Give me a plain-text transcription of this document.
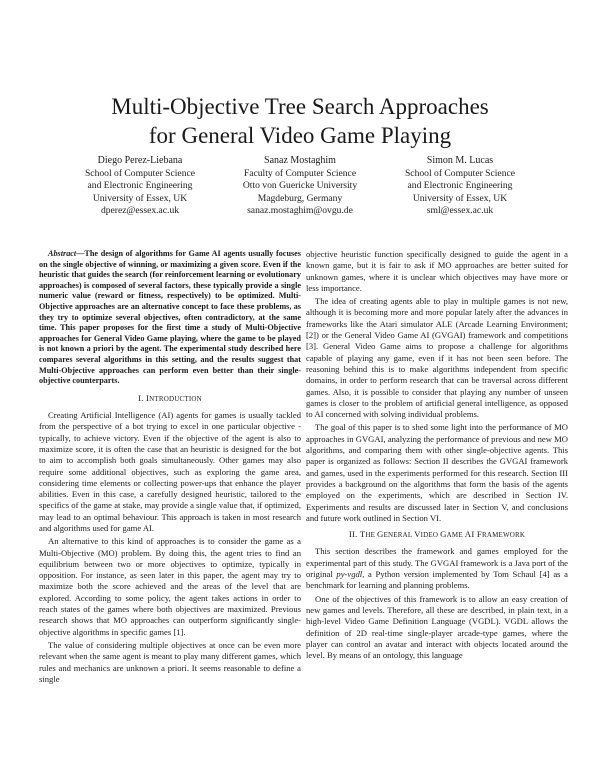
Multi-Objective Tree Search Approaches
for General Video Game Playing
Diego Perez-Liebana
School of Computer Science
and Electronic Engineering
University of Essex, UK
dperez@essex.ac.uk
Sanaz Mostaghim
Faculty of Computer Science
Otto von Guericke University
Magdeburg, Germany
sanaz.mostaghim@ovgu.de
Simon M. Lucas
School of Computer Science
and Electronic Engineering
University of Essex, UK
sml@essex.ac.uk

Abstract—The design of algorithms for Game AI agents usually focuses on the single objective of winning, or maximizing a given score. Even if the heuristic that guides the search (for reinforcement learning or evolutionary approaches) is composed of several factors, these typically provide a single numeric value (reward or fitness, respectively) to be optimized. Multi-Objective approaches are an alternative concept to face these problems, as they try to optimize several objectives, often contradictory, at the same time. This paper proposes for the first time a study of Multi-Objective approaches for General Video Game playing, where the game to be played is not known a priori by the agent. The experimental study described here compares several algorithms in this setting, and the results suggest that Multi-Objective approaches can perform even better than their single-objective counterparts.

I. INTRODUCTION

Creating Artificial Intelligence (AI) agents for games is usually tackled from the perspective of a bot trying to excel in one particular objective - typically, to achieve victory. Even if the objective of the agent is also to maximize score, it is often the case that an heuristic is designed for the bot to aim to accomplish both goals simultaneously. Other games may also require some additional objectives, such as exploring the game area, considering time elements or collecting power-ups that enhance the player abilities. Even in this case, a carefully designed heuristic, tailored to the specifics of the game at stake, may provide a single value that, if optimized, may lead to an optimal behaviour. This approach is taken in most research and algorithms used for game AI.

An alternative to this kind of approaches is to consider the game as a Multi-Objective (MO) problem. By doing this, the agent tries to find an equilibrium between two or more objectives to optimize, typically in opposition. For instance, as seen later in this paper, the agent may try to maximize both the score achieved and the areas of the level that are explored. According to some policy, the agent takes actions in order to reach states of the games where both objectives are maximized. Previous research shows that MO approaches can outperform significantly single-objective algorithms in specific games [1].

The value of considering multiple objectives at once can be even more relevant when the same agent is meant to play many different games, which rules and mechanics are unknown a priori. It seems reasonable to define a single

objective heuristic function specifically designed to guide the agent in a known game, but it is fair to ask if MO approaches are better suited for unknown games, where it is unclear which objectives may have more or less importance.

The idea of creating agents able to play in multiple games is not new, although it is becoming more and more popular lately after the advances in frameworks like the Atari simulator ALE (Arcade Learning Environment; [2]) or the General Video Game AI (GVGAI) framework and competitions [3]. General Video Game aims to propose a challenge for algorithms capable of playing any game, even if it has not been seen before. The reasoning behind this is to make algorithms independent from specific domains, in order to perform research that can be traversal across different games. Also, it is possible to consider that playing any number of unseen games is closer to the problem of artificial general intelligence, as opposed to AI concerned with solving individual problems.

The goal of this paper is to shed some light into the performance of MO approaches in GVGAI, analyzing the performance of previous and new MO algorithms, and comparing them with other single-objective agents. This paper is organized as follows: Section II describes the GVGAI framework and games, used in the experiments performed for this research. Section III provides a background on the algorithms that form the basis of the agents employed on the experiments, which are described in Section IV. Experiments and results are discussed later in Section V, and conclusions and future work outlined in Section VI.

II. THE GENERAL VIDEO GAME AI FRAMEWORK

This section describes the framework and games employed for the experimental part of this study. The GVGAI framework is a Java port of the original py-vgdl, a Python version implemented by Tom Schaul [4] as a benchmark for learning and planning problems.

One of the objectives of this framework is to allow an easy creation of new games and levels. Therefore, all these are described, in plain text, in a high-level Video Game Definition Language (VGDL). VGDL allows the definition of 2D real-time single-player arcade-type games, where the player can control an avatar and interact with objects located around the level. By means of an ontology, this language
